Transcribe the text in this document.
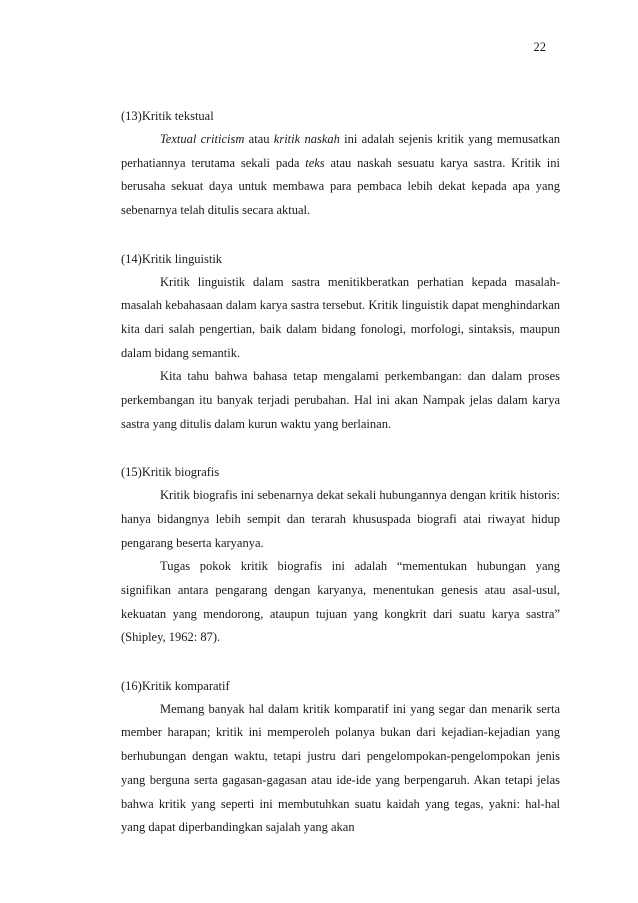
22

(13)Kritik tekstual

Textual criticism atau kritik naskah ini adalah sejenis kritik yang memusatkan perhatiannya terutama sekali pada teks atau naskah sesuatu karya sastra. Kritik ini berusaha sekuat daya untuk membawa para pembaca lebih dekat kepada apa yang sebenarnya telah ditulis secara aktual.

(14)Kritik linguistik

Kritik linguistik dalam sastra menitikberatkan perhatian kepada masalah-masalah kebahasaan dalam karya sastra tersebut. Kritik linguistik dapat menghindarkan kita dari salah pengertian, baik dalam bidang fonologi, morfologi, sintaksis, maupun dalam bidang semantik.

Kita tahu bahwa bahasa tetap mengalami perkembangan: dan dalam proses perkembangan itu banyak terjadi perubahan. Hal ini akan Nampak jelas dalam karya sastra yang ditulis dalam kurun waktu yang berlainan.

(15)Kritik biografis

Kritik biografis ini sebenarnya dekat sekali hubungannya dengan kritik historis: hanya bidangnya lebih sempit dan terarah khususpada biografi atai riwayat hidup pengarang beserta karyanya.

Tugas pokok kritik biografis ini adalah “mementukan hubungan yang signifikan antara pengarang dengan karyanya, menentukan genesis atau asal-usul, kekuatan yang mendorong, ataupun tujuan yang kongkrit dari suatu karya sastra” (Shipley, 1962: 87).

(16)Kritik komparatif

Memang banyak hal dalam kritik komparatif ini yang segar dan menarik serta member harapan; kritik ini memperoleh polanya bukan dari kejadian-kejadian yang berhubungan dengan waktu, tetapi justru dari pengelompokan-pengelompokan jenis yang berguna serta gagasan-gagasan atau ide-ide yang berpengaruh. Akan tetapi jelas bahwa kritik yang seperti ini membutuhkan suatu kaidah yang tegas, yakni: hal-hal yang dapat diperbandingkan sajalah yang akan
